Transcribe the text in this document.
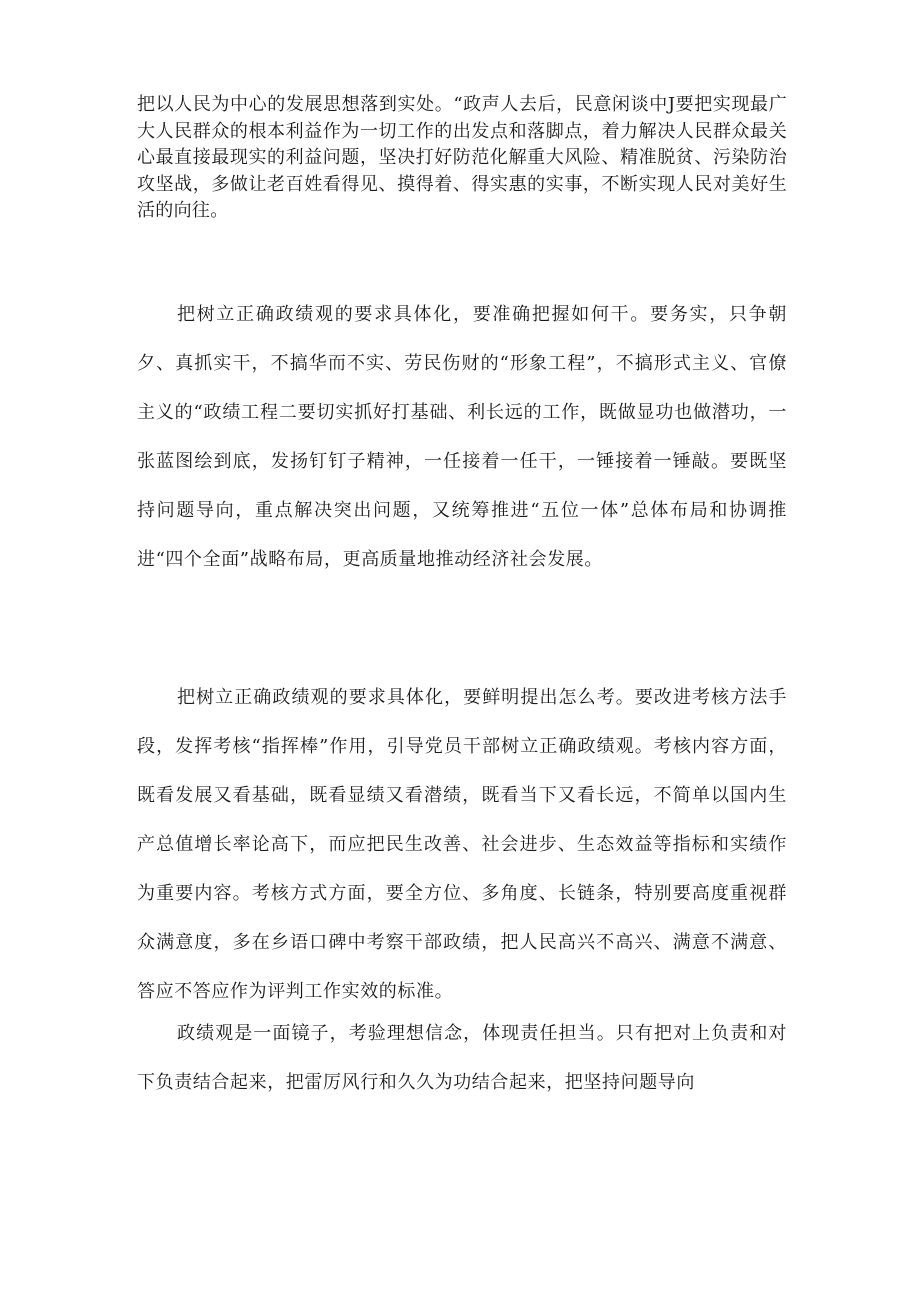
把以人民为中心的发展思想落到实处。“政声人去后，民意闲谈中J要把实现最广大人民群众的根本利益作为一切工作的出发点和落脚点，着力解决人民群众最关心最直接最现实的利益问题，坚决打好防范化解重大风险、精准脱贫、污染防治攻坚战，多做让老百姓看得见、摸得着、得实惠的实事，不断实现人民对美好生活的向往。

把树立正确政绩观的要求具体化，要准确把握如何干。要务实，只争朝夕、真抓实干，不搞华而不实、劳民伤财的“形象工程”，不搞形式主义、官僚主义的“政绩工程二要切实抓好打基础、利长远的工作，既做显功也做潜功，一张蓝图绘到底，发扬钉钉子精神，一任接着一任干，一锤接着一锤敲。要既坚持问题导向，重点解决突出问题，又统筹推进“五位一体”总体布局和协调推进“四个全面”战略布局，更高质量地推动经济社会发展。

把树立正确政绩观的要求具体化，要鲜明提出怎么考。要改进考核方法手段，发挥考核“指挥棒”作用，引导党员干部树立正确政绩观。考核内容方面，既看发展又看基础，既看显绩又看潜绩，既看当下又看长远，不简单以国内生产总值增长率论高下，而应把民生改善、社会进步、生态效益等指标和实绩作为重要内容。考核方式方面，要全方位、多角度、长链条，特别要高度重视群众满意度，多在乡语口碑中考察干部政绩，把人民高兴不高兴、满意不满意、答应不答应作为评判工作实效的标准。

政绩观是一面镜子，考验理想信念，体现责任担当。只有把对上负责和对下负责结合起来，把雷厉风行和久久为功结合起来，把坚持问题导向
